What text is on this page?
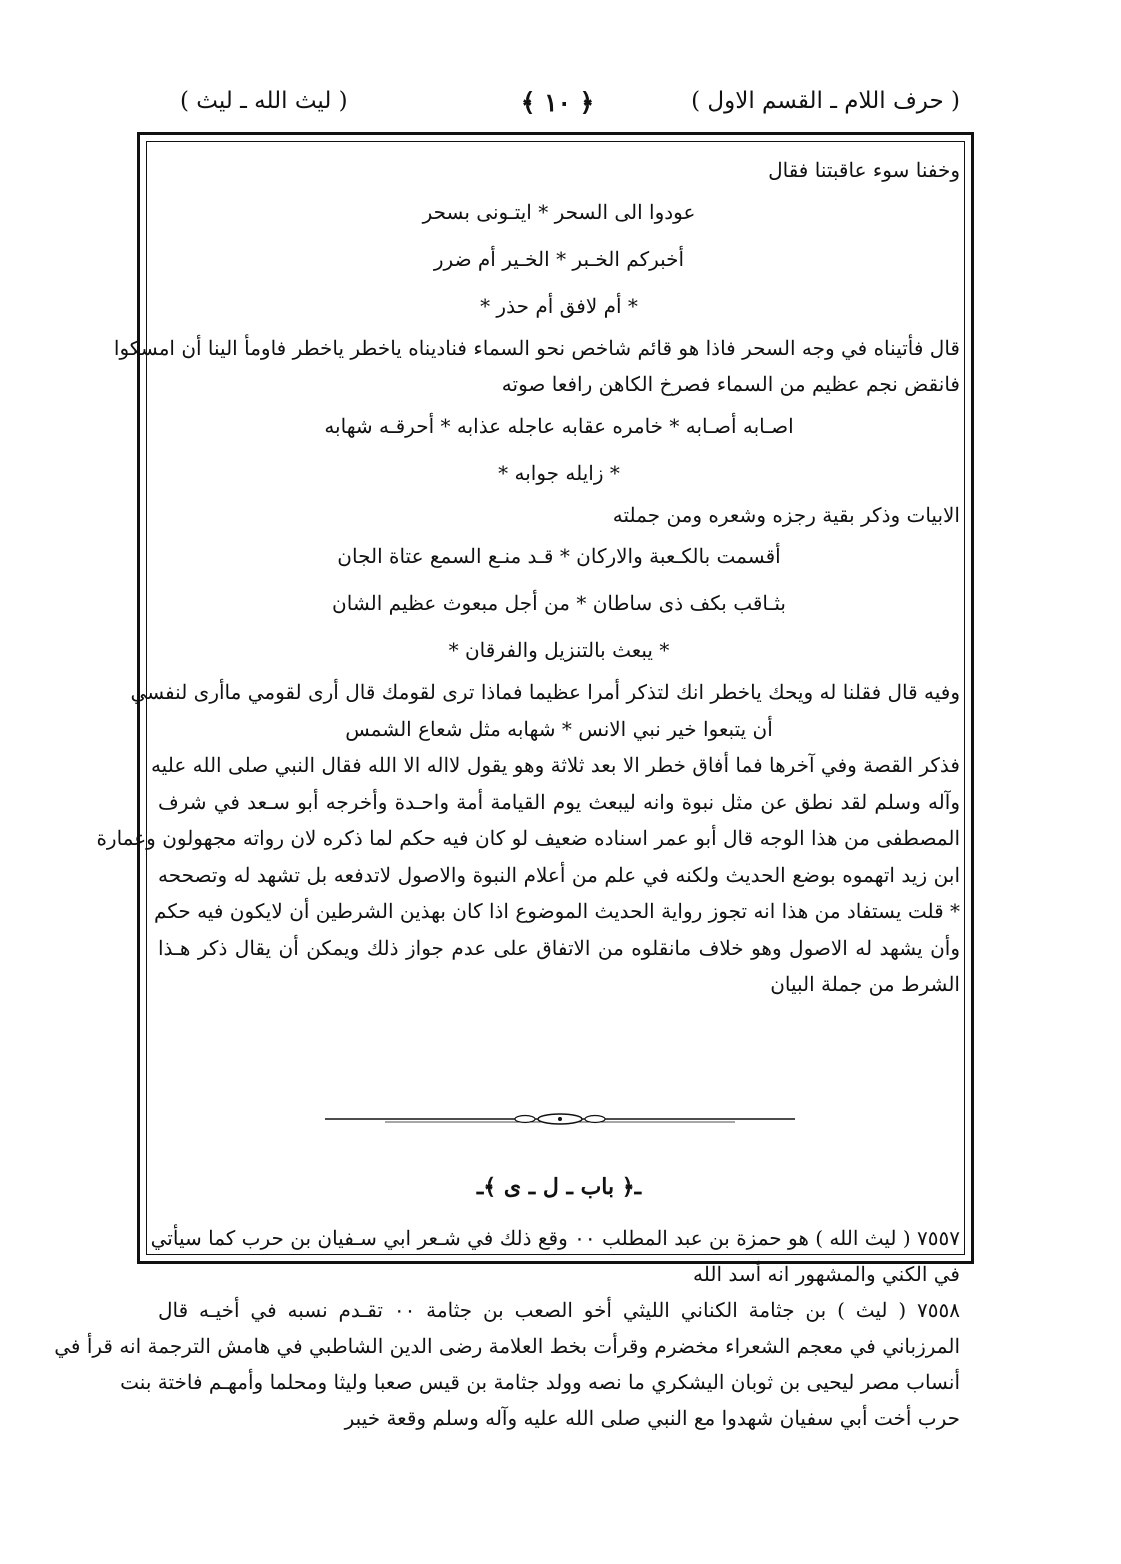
( حرف اللام ـ القسم الاول )
﴿ ١٠ ﴾
( ليث الله ـ ليث )
وخفنا سوء عاقبتنا فقال
عودوا الى السحر * ايتـونى بسحر
أخبركم الخـبر * الخـير أم ضرر
* أم لافق أم حذر *
قال فأتيناه في وجه السحر فاذا هو قائم شاخص نحو السماء فناديناه ياخطر ياخطر فاومأ الينا أن امسكوا
فانقض نجم عظيم من السماء فصرخ الكاهن رافعا صوته
اصـابه أصـابه * خامره عقابه عاجله عذابه * أحرقـه شهابه
* زايله جوابه *
الابيات وذكر بقية رجزه وشعره ومن جملته
أقسمت بالكـعبة والاركان * قـد منـع السمع عتاة الجان
بثـاقب بكف ذى ساطان * من أجل مبعوث عظيم الشان
* يبعث بالتنزيل والفرقان *
وفيه قال فقلنا له ويحك ياخطر انك لتذكر أمرا عظيما فماذا ترى لقومك قال أرى لقومي ماأرى لنفسي
أن يتبعوا خير نبي الانس * شهابه مثل شعاع الشمس
فذكر القصة وفي آخرها فما أفاق خطر الا بعد ثلاثة وهو يقول لااله الا الله فقال النبي صلى الله عليه
وآله وسلم لقد نطق عن مثل نبوة وانه ليبعث يوم القيامة أمة واحـدة وأخرجه أبو سـعد في شرف
المصطفى من هذا الوجه قال أبو عمر اسناده ضعيف لو كان فيه حكم لما ذكره لان رواته مجهولون وعمارة
ابن زيد اتهموه بوضع الحديث ولكنه في علم من أعلام النبوة والاصول لاتدفعه بل تشهد له وتصححه
* قلت يستفاد من هذا انه تجوز رواية الحديث الموضوع اذا كان بهذين الشرطين أن لايكون فيه حكم
وأن يشهد له الاصول وهو خلاف مانقلوه من الاتفاق على عدم جواز ذلك ويمكن أن يقال ذكر هـذا
الشرط من جملة البيان
ـ﴿ باب ـ ل ـ ى ﴾ـ
٧٥٥٧ ( ليث الله ) هو حمزة بن عبد المطلب ٠٠ وقع ذلك في شـعر ابي سـفيان بن حرب كما سيأتي
في الكني والمشهور انه أسد الله
٧٥٥٨ ( ليث ) بن جثامة الكناني الليثي أخو الصعب بن جثامة ٠٠ تقـدم نسبه في أخيـه قال
المرزباني في معجم الشعراء مخضرم وقرأت بخط العلامة رضى الدين الشاطبي في هامش الترجمة انه قرأ في
أنساب مصر ليحيى بن ثوبان اليشكري ما نصه وولد جثامة بن قيس صعبا وليثا ومحلما وأمهـم فاختة بنت
حرب أخت أبي سفيان شهدوا مع النبي صلى الله عليه وآله وسلم وقعة خيبر
